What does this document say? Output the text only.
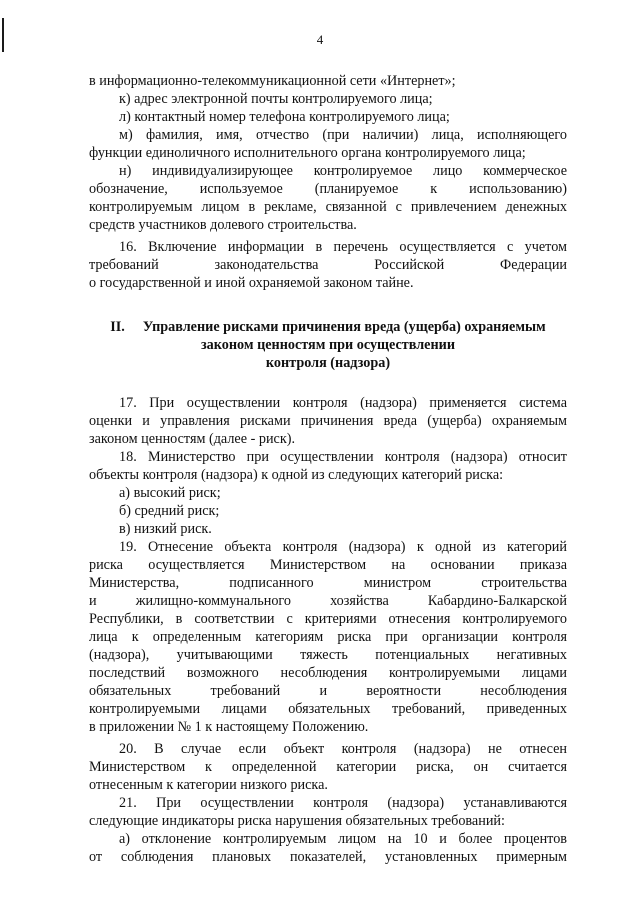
4
в информационно-телекоммуникационной сети «Интернет»;
к) адрес электронной почты контролируемого лица;
л) контактный номер телефона контролируемого лица;
м) фамилия, имя, отчество (при наличии) лица, исполняющего
функции единоличного исполнительного органа контролируемого лица;
н) индивидуализирующее контролируемое лицо коммерческое
обозначение, используемое (планируемое к использованию)
контролируемым лицом в рекламе, связанной с привлечением денежных
средств участников долевого строительства.
16. Включение информации в перечень осуществляется с учетом
требований законодательства Российской Федерации
о государственной и иной охраняемой законом тайне.
II. Управление рисками причинения вреда (ущерба) охраняемым
законом ценностям при осуществлении
контроля (надзора)
17. При осуществлении контроля (надзора) применяется система
оценки и управления рисками причинения вреда (ущерба) охраняемым
законом ценностям (далее - риск).
18. Министерство при осуществлении контроля (надзора) относит
объекты контроля (надзора) к одной из следующих категорий риска:
а) высокий риск;
б) средний риск;
в) низкий риск.
19. Отнесение объекта контроля (надзора) к одной из категорий
риска осуществляется Министерством на основании приказа
Министерства, подписанного министром строительства
и жилищно-коммунального хозяйства Кабардино-Балкарской
Республики, в соответствии с критериями отнесения контролируемого
лица к определенным категориям риска при организации контроля
(надзора), учитывающими тяжесть потенциальных негативных
последствий возможного несоблюдения контролируемыми лицами
обязательных требований и вероятности несоблюдения
контролируемыми лицами обязательных требований, приведенных
в приложении № 1 к настоящему Положению.
20. В случае если объект контроля (надзора) не отнесен
Министерством к определенной категории риска, он считается
отнесенным к категории низкого риска.
21. При осуществлении контроля (надзора) устанавливаются
следующие индикаторы риска нарушения обязательных требований:
а) отклонение контролируемым лицом на 10 и более процентов
от соблюдения плановых показателей, установленных примерным
